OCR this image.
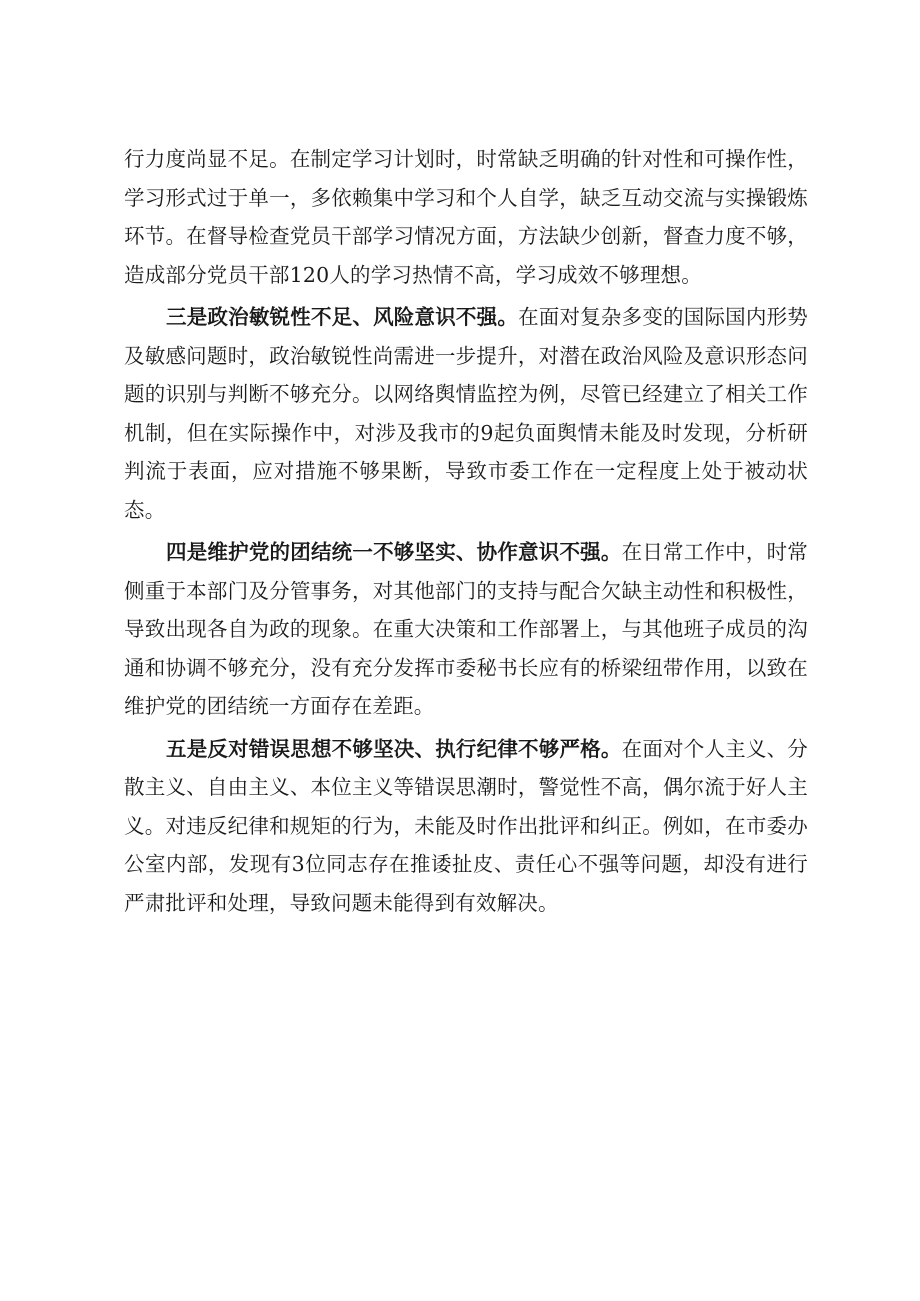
行力度尚显不足。在制定学习计划时，时常缺乏明确的针对性和可操作性，学习形式过于单一，多依赖集中学习和个人自学，缺乏互动交流与实操锻炼环节。在督导检查党员干部学习情况方面，方法缺少创新，督查力度不够，造成部分党员干部120人的学习热情不高，学习成效不够理想。

三是政治敏锐性不足、风险意识不强。在面对复杂多变的国际国内形势及敏感问题时，政治敏锐性尚需进一步提升，对潜在政治风险及意识形态问题的识别与判断不够充分。以网络舆情监控为例，尽管已经建立了相关工作机制，但在实际操作中，对涉及我市的9起负面舆情未能及时发现，分析研判流于表面，应对措施不够果断，导致市委工作在一定程度上处于被动状态。

四是维护党的团结统一不够坚实、协作意识不强。在日常工作中，时常侧重于本部门及分管事务，对其他部门的支持与配合欠缺主动性和积极性，导致出现各自为政的现象。在重大决策和工作部署上，与其他班子成员的沟通和协调不够充分，没有充分发挥市委秘书长应有的桥梁纽带作用，以致在维护党的团结统一方面存在差距。

五是反对错误思想不够坚决、执行纪律不够严格。在面对个人主义、分散主义、自由主义、本位主义等错误思潮时，警觉性不高，偶尔流于好人主义。对违反纪律和规矩的行为，未能及时作出批评和纠正。例如，在市委办公室内部，发现有3位同志存在推诿扯皮、责任心不强等问题，却没有进行严肃批评和处理，导致问题未能得到有效解决。
